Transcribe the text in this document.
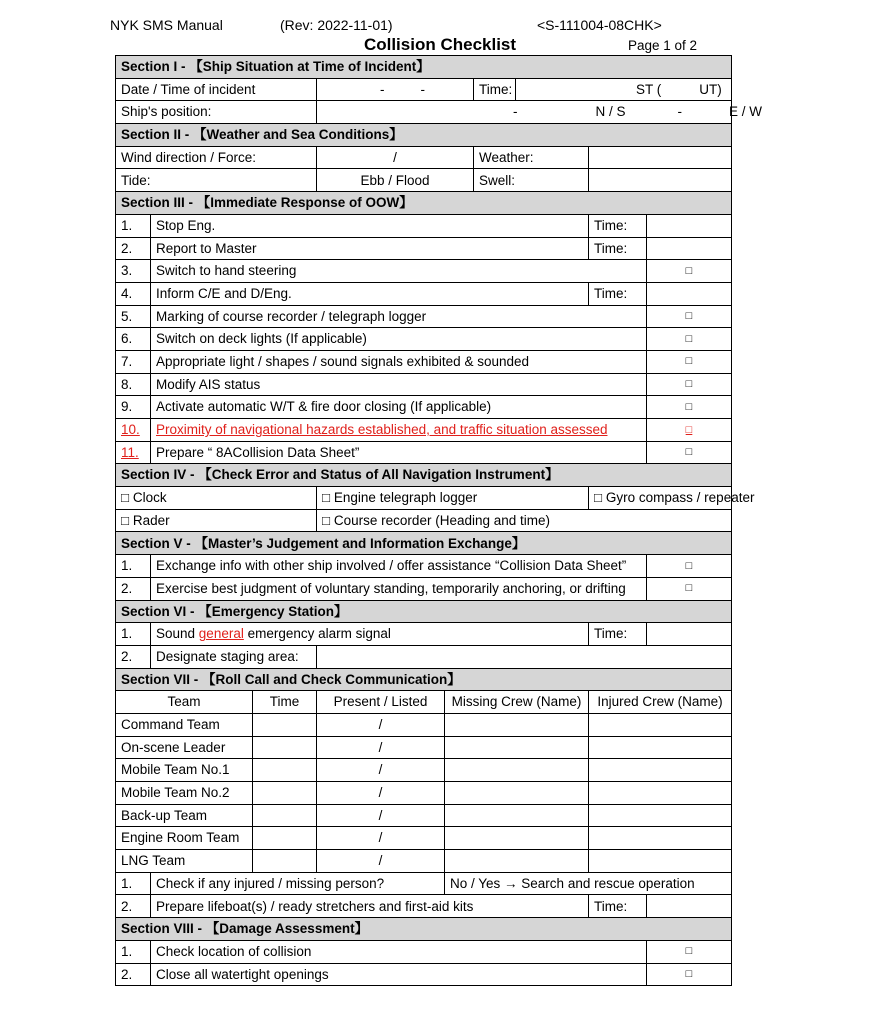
NYK SMS Manual	(Rev: 2022-11-01)	<S-111004-08CHK>
Collision Checklist	Page 1 of 2
Section I - 【Ship Situation at Time of Incident】								
Date / Time of incident			- -		Time:	ST ( UT)		
Ship's position:			- N / S - E / W					
Section II - 【Weather and Sea Conditions】								
Wind direction / Force:			/		Weather:			
Tide:			Ebb / Flood		Swell:			
Section III - 【Immediate Response of OOW】								
1.	Stop Eng.						Time:	
2.	Report to Master						Time:	
3.	Switch to hand steering							□
4.	Inform C/E and D/Eng.						Time:	
5.	Marking of course recorder / telegraph logger							□
6.	Switch on deck lights (If applicable)							□
7.	Appropriate light / shapes / sound signals exhibited & sounded							□
8.	Modify AIS status							□
9.	Activate automatic W/T & fire door closing (If applicable)							□
10.	Proximity of navigational hazards established, and traffic situation assessed							□
11.	Prepare “ 8ACollision Data Sheet”							□
Section IV - 【Check Error and Status of All Navigation Instrument】								
□ Clock			□ Engine telegraph logger				□ Gyro compass / repeater	
□ Rader			□ Course recorder (Heading and time)					
Section V - 【Master’s Judgement and Information Exchange】								
1.	Exchange info with other ship involved / offer assistance “Collision Data Sheet”							□
2.	Exercise best judgment of voluntary standing, temporarily anchoring, or drifting							□
Section VI - 【Emergency Station】								
1.	Sound general emergency alarm signal						Time:	
2.	Designate staging area:							
Section VII - 【Roll Call and Check Communication】								
Team		Time	Present / Listed	Missing Crew (Name)			Injured Crew (Name)	
Command Team			/					
On-scene Leader			/					
Mobile Team No.1			/					
Mobile Team No.2			/					
Back-up Team			/					
Engine Room Team			/					
LNG Team			/					
1.	Check if any injured / missing person?			No / Yes → Search and rescue operation				
2.	Prepare lifeboat(s) / ready stretchers and first-aid kits						Time:	
Section VIII - 【Damage Assessment】								
1.	Check location of collision							□
2.	Close all watertight openings							□
